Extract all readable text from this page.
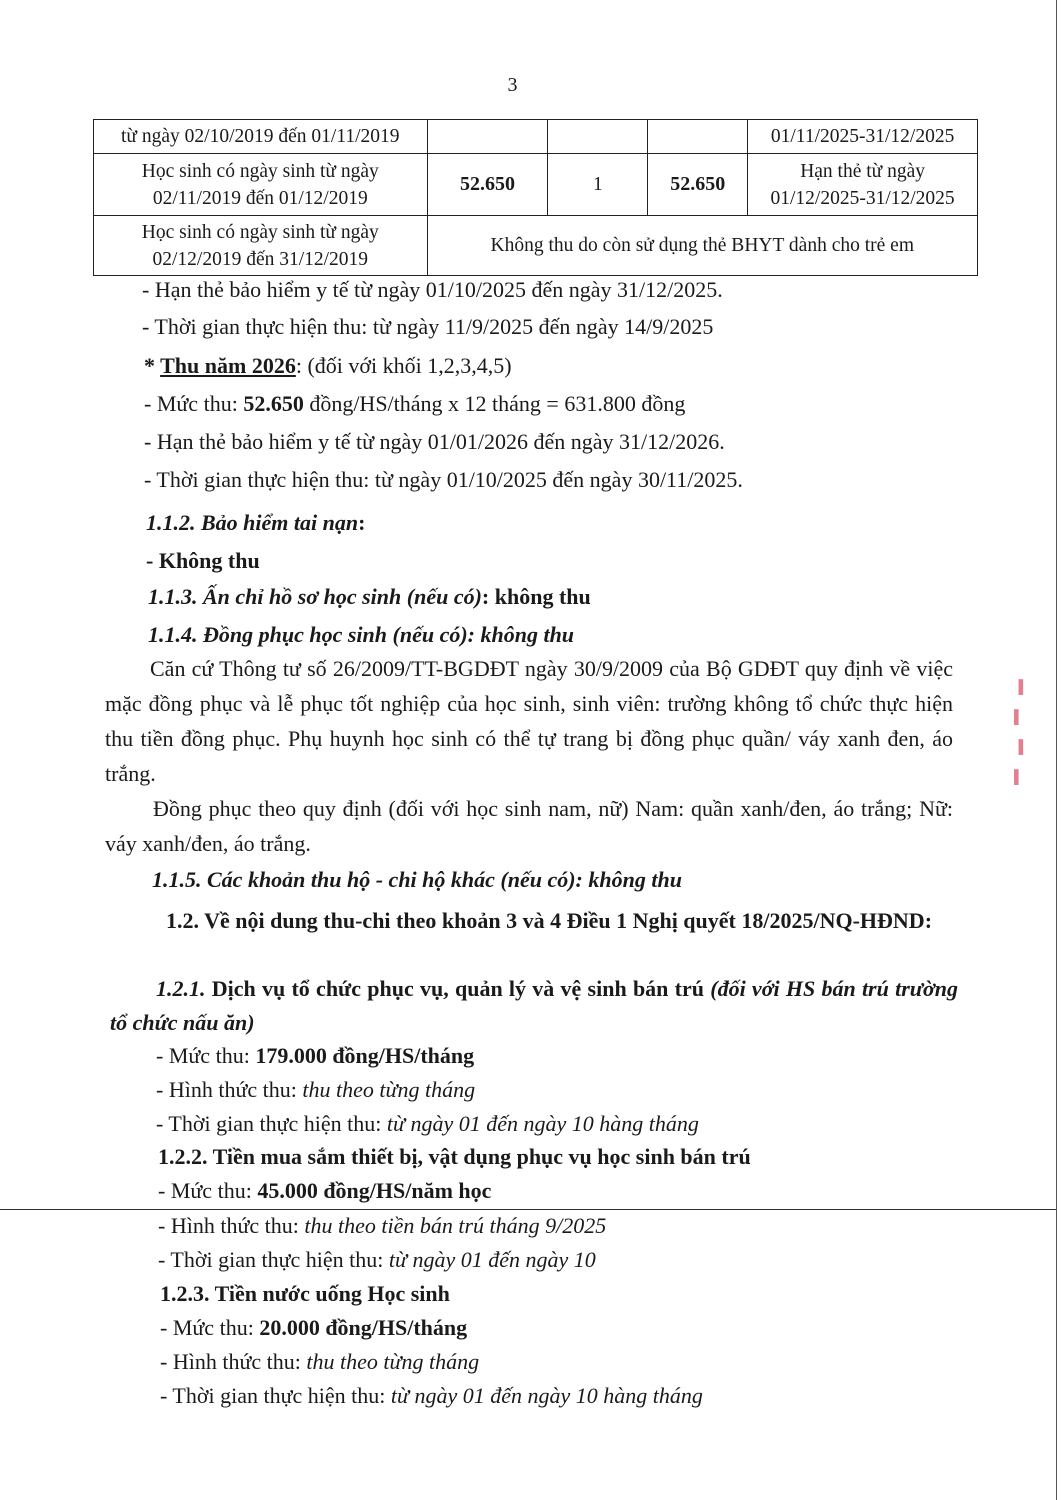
3
từ ngày 02/10/2019 đến 01/11/2019				01/11/2025-31/12/2025
Học sinh có ngày sinh từ ngày 02/11/2019 đến 01/12/2019	52.650	1	52.650	Hạn thẻ từ ngày 01/12/2025-31/12/2025
Học sinh có ngày sinh từ ngày 02/12/2019 đến 31/12/2019	Không thu do còn sử dụng thẻ BHYT dành cho trẻ em			
- Hạn thẻ bảo hiểm y tế từ ngày 01/10/2025 đến ngày 31/12/2025.
- Thời gian thực hiện thu: từ ngày 11/9/2025 đến ngày 14/9/2025
* Thu năm 2026: (đối với khối 1,2,3,4,5)
- Mức thu: 52.650 đồng/HS/tháng x 12 tháng = 631.800 đồng
- Hạn thẻ bảo hiểm y tế từ ngày 01/01/2026 đến ngày 31/12/2026.
- Thời gian thực hiện thu: từ ngày 01/10/2025 đến ngày 30/11/2025.
1.1.2. Bảo hiểm tai nạn:
- Không thu
1.1.3. Ấn chỉ hồ sơ học sinh (nếu có): không thu
1.1.4. Đồng phục học sinh (nếu có): không thu
Căn cứ Thông tư số 26/2009/TT-BGDĐT ngày 30/9/2009 của Bộ GDĐT quy định về việc mặc đồng phục và lễ phục tốt nghiệp của học sinh, sinh viên: trường không tổ chức thực hiện thu tiền đồng phục. Phụ huynh học sinh có thể tự trang bị đồng phục quần/ váy xanh đen, áo trắng.
Đồng phục theo quy định (đối với học sinh nam, nữ) Nam: quần xanh/đen, áo trắng; Nữ: váy xanh/đen, áo trắng.
1.1.5. Các khoản thu hộ - chi hộ khác (nếu có): không thu
1.2. Về nội dung thu-chi theo khoản 3 và 4 Điều 1 Nghị quyết 18/2025/NQ-HĐND:
1.2.1. Dịch vụ tổ chức phục vụ, quản lý và vệ sinh bán trú (đối với HS bán trú trường tổ chức nấu ăn)
- Mức thu: 179.000 đồng/HS/tháng
- Hình thức thu: thu theo từng tháng
- Thời gian thực hiện thu: từ ngày 01 đến ngày 10 hàng tháng
1.2.2. Tiền mua sắm thiết bị, vật dụng phục vụ học sinh bán trú
- Mức thu: 45.000 đồng/HS/năm học
- Hình thức thu: thu theo tiền bán trú tháng 9/2025
- Thời gian thực hiện thu: từ ngày 01 đến ngày 10
1.2.3. Tiền nước uống Học sinh
- Mức thu: 20.000 đồng/HS/tháng
- Hình thức thu: thu theo từng tháng
- Thời gian thực hiện thu: từ ngày 01 đến ngày 10 hàng tháng
▐
▌
▐
▌
